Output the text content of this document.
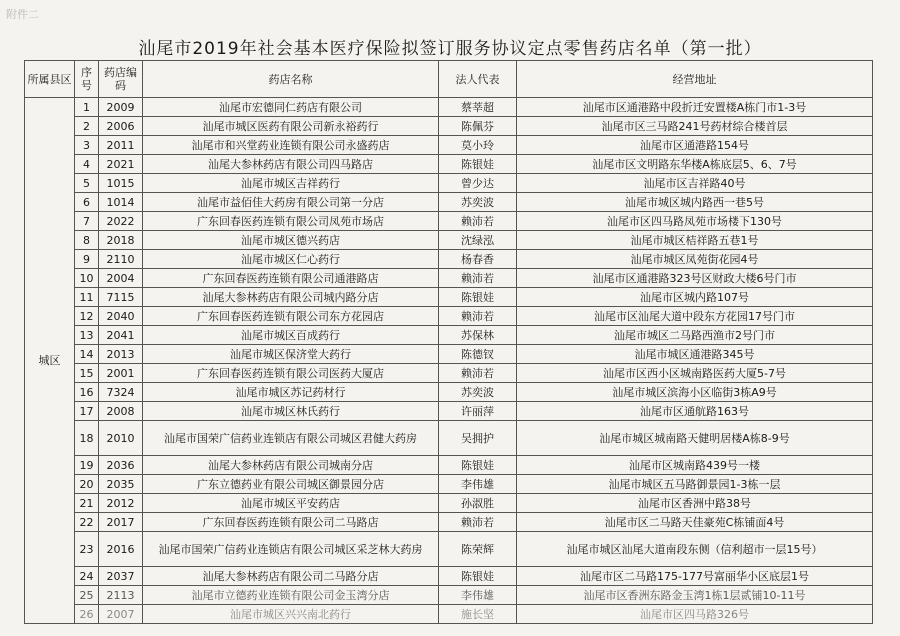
附件二
汕尾市2019年社会基本医疗保险拟签订服务协议定点零售药店名单（第一批）
所属县区	序号	药店编码	药店名称	法人代表	经营地址
城区	1	2009	汕尾市宏德同仁药店有限公司	蔡莘超	汕尾市区通港路中段折迁安置楼A栋门市1-3号
	2	2006	汕尾市城区医药有限公司新永裕药行	陈佩芬	汕尾市区三马路241号药材综合楼首层
	3	2011	汕尾市和兴堂药业连锁有限公司永盛药店	莫小玲	汕尾市区通港路154号
	4	2021	汕尾大参林药店有限公司四马路店	陈银娃	汕尾市区文明路东华楼A栋底层5、6、7号
	5	1015	汕尾市城区吉祥药行	曾少达	汕尾市区吉祥路40号
	6	1014	汕尾市益佰佳大药房有限公司第一分店	苏奕波	汕尾市城区城内路西一巷5号
	7	2022	广东回春医药连锁有限公司凤苑市场店	赖沛若	汕尾市区四马路凤苑市场楼下130号
	8	2018	汕尾市城区德兴药店	沈绿泓	汕尾市城区桔祥路五巷1号
	9	2110	汕尾市城区仁心药行	杨春香	汕尾市城区凤苑街花园4号
	10	2004	广东回春医药连锁有限公司通港路店	赖沛若	汕尾市区通港路323号区财政大楼6号门市
	11	7115	汕尾大参林药店有限公司城内路分店	陈银娃	汕尾市区城内路107号
	12	2040	广东回春医药连锁有限公司东方花园店	赖沛若	汕尾市区汕尾大道中段东方花园17号门市
	13	2041	汕尾市城区百成药行	苏保林	汕尾市城区二马路西渔市2号门市
	14	2013	汕尾市城区保济堂大药行	陈德钗	汕尾市城区通港路345号
	15	2001	广东回春医药连锁有限公司医药大厦店	赖沛若	汕尾市区西小区城南路医药大厦5-7号
	16	7324	汕尾市城区苏记药材行	苏奕波	汕尾市城区滨海小区临街3栋A9号
	17	2008	汕尾市城区林氏药行	许丽萍	汕尾市区通航路163号
	18	2010	汕尾市国荣广信药业连锁店有限公司城区君健大药房	吴拥护	汕尾市城区城南路天健明居楼A栋8-9号
	19	2036	汕尾大参林药店有限公司城南分店	陈银娃	汕尾市区城南路439号一楼
	20	2035	广东立德药业有限公司城区御景园分店	李伟雄	汕尾市城区五马路御景园1-3栋一层
	21	2012	汕尾市城区平安药店	孙淑胜	汕尾市区香洲中路38号
	22	2017	广东回春医药连锁有限公司二马路店	赖沛若	汕尾市区二马路天佳豪苑C栋铺面4号
	23	2016	汕尾市国荣广信药业连锁店有限公司城区采芝林大药房	陈荣辉	汕尾市城区汕尾大道南段东侧（信利超市一层15号）
	24	2037	汕尾大参林药店有限公司二马路分店	陈银娃	汕尾市区二马路175-177号富丽华小区底层1号
	25	2113	汕尾市立德药业连锁有限公司金玉湾分店	李伟雄	汕尾市区香洲东路金玉湾1栋1层贰铺10-11号
	26	2007	汕尾市城区兴兴南北药行	施长坚	汕尾市区四马路326号
